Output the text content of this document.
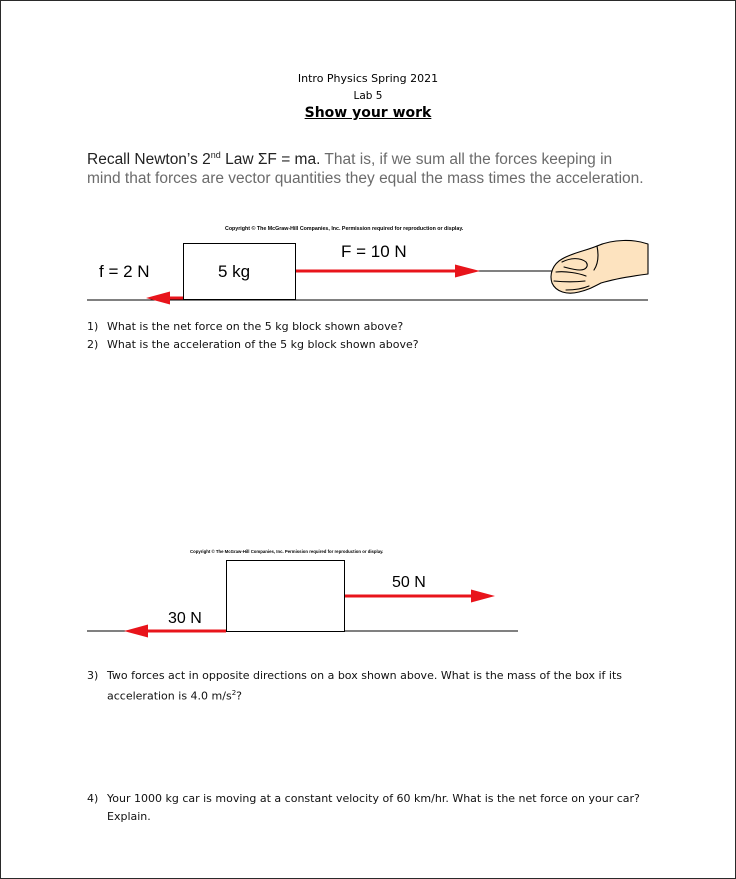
Intro Physics Spring 2021
Lab 5
Show your work
Recall Newton’s 2nd Law ΣF = ma. That is, if we sum all the forces keeping in mind that forces are vector quantities they equal the mass times the acceleration.
Copyright © The McGraw-Hill Companies, Inc. Permission required for reproduction or display.
5 kg
f = 2 N
F = 10 N
1) What is the net force on the 5 kg block shown above?
2) What is the acceleration of the 5 kg block shown above?
Copyright © The McGraw-Hill Companies, Inc. Permission required for reproduction or display.
50 N
30 N
3) Two forces act in opposite directions on a box shown above. What is the mass of the box if its
acceleration is 4.0 $m/s^2$?
4) Your 1000 kg car is moving at a constant velocity of 60 km/hr. What is the net force on your car?
Explain.
